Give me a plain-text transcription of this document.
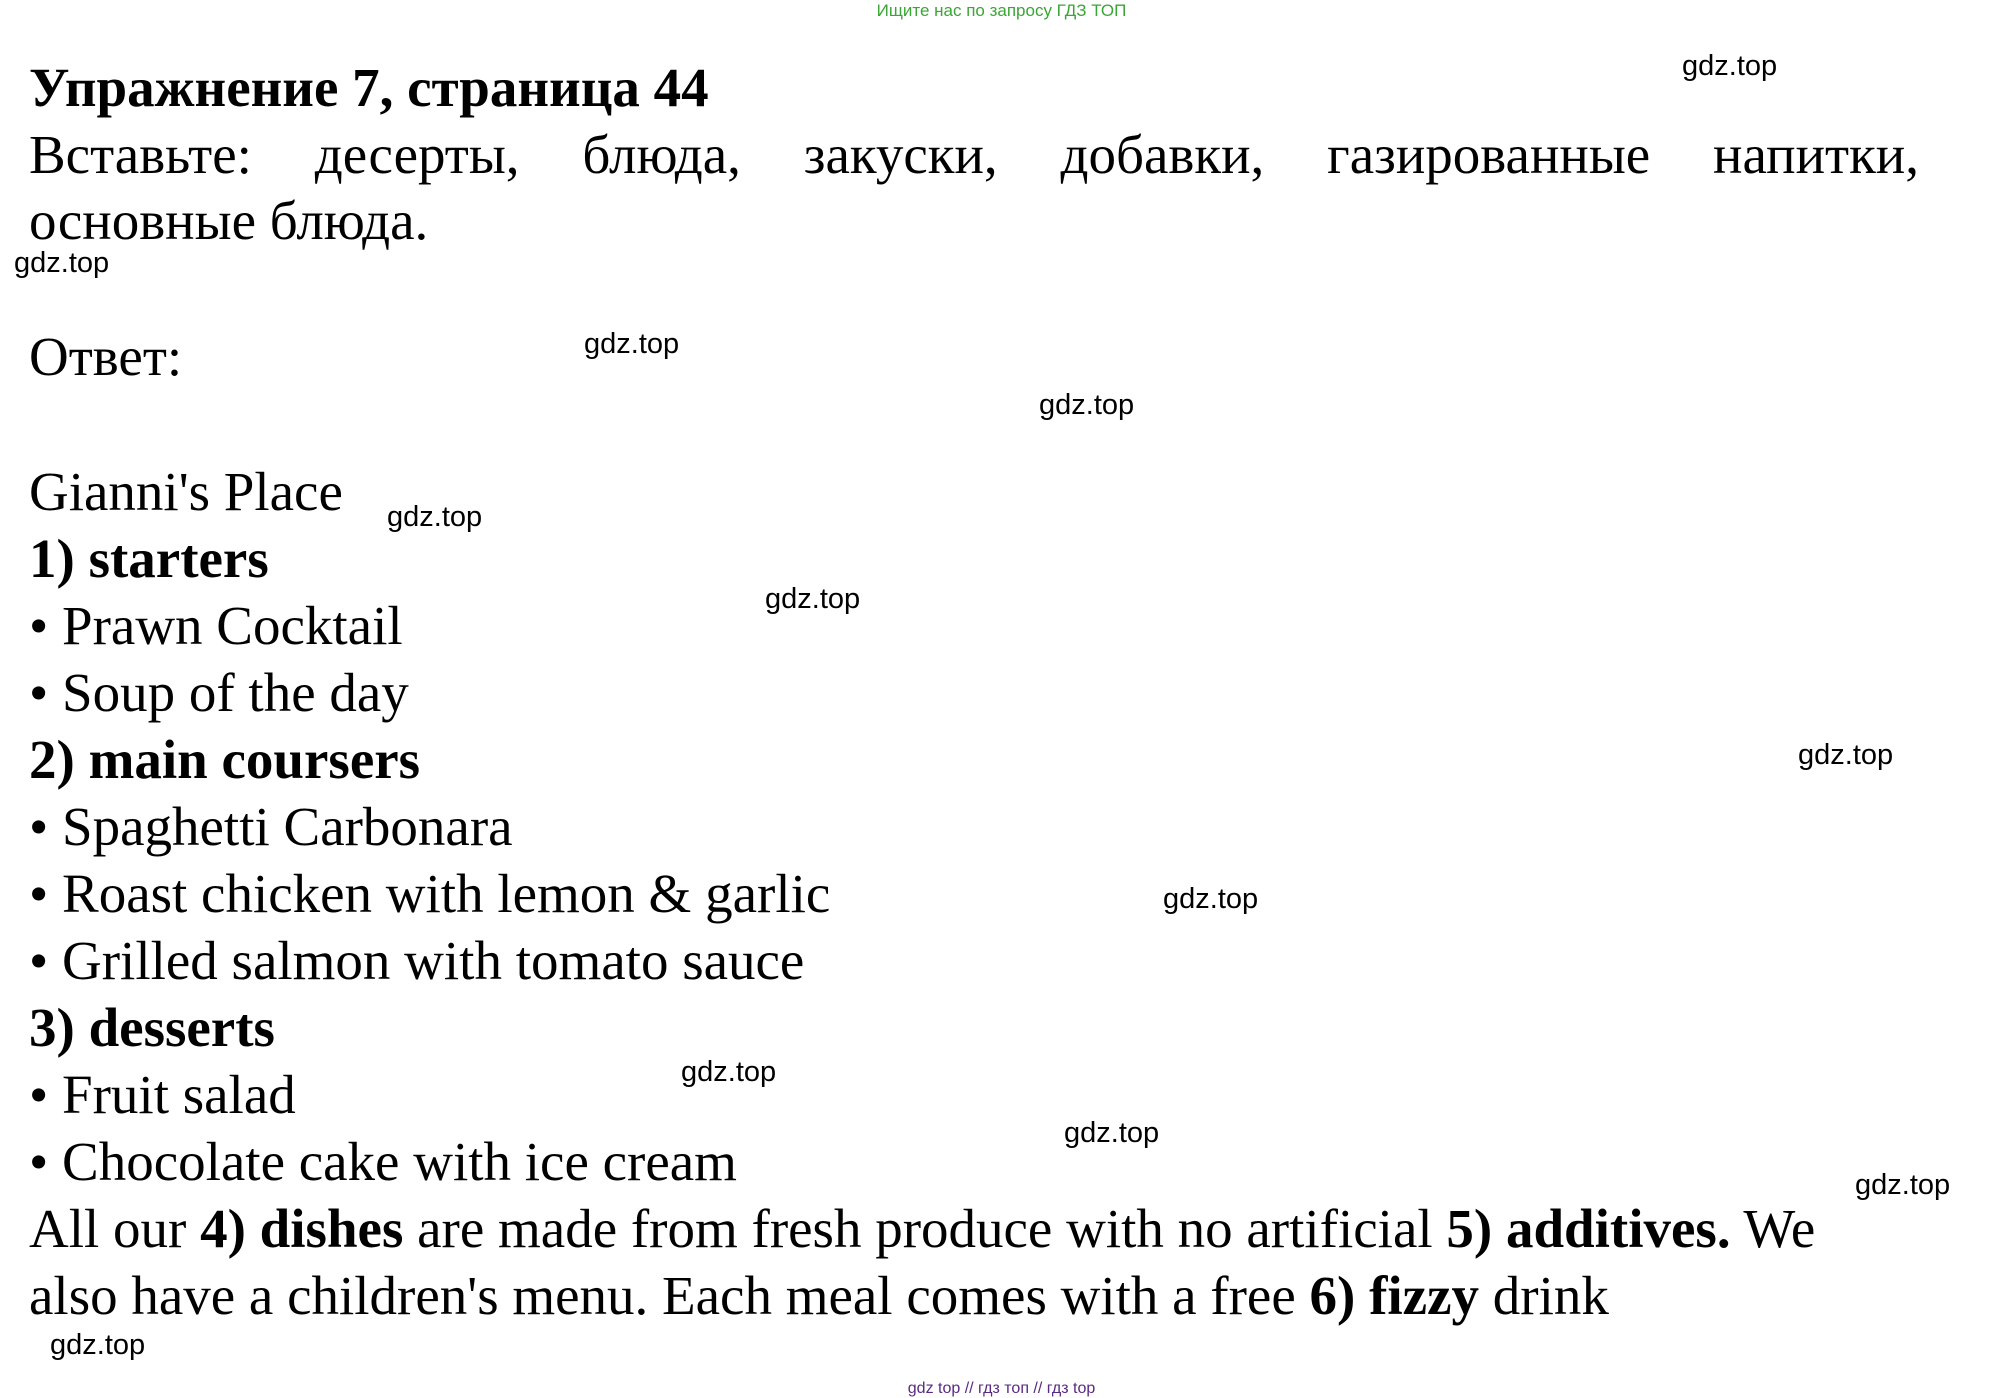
Ищите нас по запросу ГДЗ ТОП
Упражнение 7, страница 44
Вставьте: десерты, блюда, закуски, добавки, газированные напитки,
основные блюда.
Ответ:
Gianni's Place
1) starters
• Prawn Cocktail
• Soup of the day
2) main coursers
• Spaghetti Carbonara
• Roast chicken with lemon & garlic
• Grilled salmon with tomato sauce
3) desserts
• Fruit salad
• Chocolate cake with ice cream
All our 4) dishes are made from fresh produce with no artificial 5) additives. We
also have a children's menu. Each meal comes with a free 6) fizzy drink
gdz.top
gdz.top
gdz.top
gdz.top
gdz.top
gdz.top
gdz.top
gdz.top
gdz.top
gdz.top
gdz.top
gdz.top
gdz top // гдз топ // гдз top
